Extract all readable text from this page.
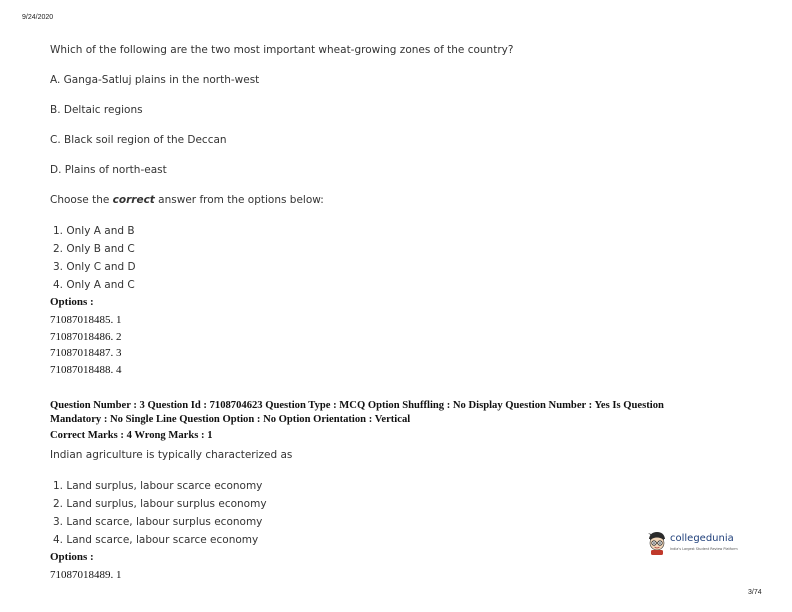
9/24/2020
Which of the following are the two most important wheat-growing zones of the country?
A. Ganga-Satluj plains in the north-west
B. Deltaic regions
C. Black soil region of the Deccan
D. Plains of north-east
Choose the correct answer from the options below:
1. Only A and B
2. Only B and C
3. Only C and D
4. Only A and C
Options :
71087018485. 1
71087018486. 2
71087018487. 3
71087018488. 4
Question Number : 3 Question Id : 7108704623 Question Type : MCQ Option Shuffling : No Display Question Number : Yes Is Question
Mandatory : No Single Line Question Option : No Option Orientation : Vertical
Correct Marks : 4 Wrong Marks : 1
Indian agriculture is typically characterized as
1. Land surplus, labour scarce economy
2. Land surplus, labour surplus economy
3. Land scarce, labour surplus economy
4. Land scarce, labour scarce economy
Options :
71087018489. 1
collegedunia
India's Largest Student Review Platform
3/74
